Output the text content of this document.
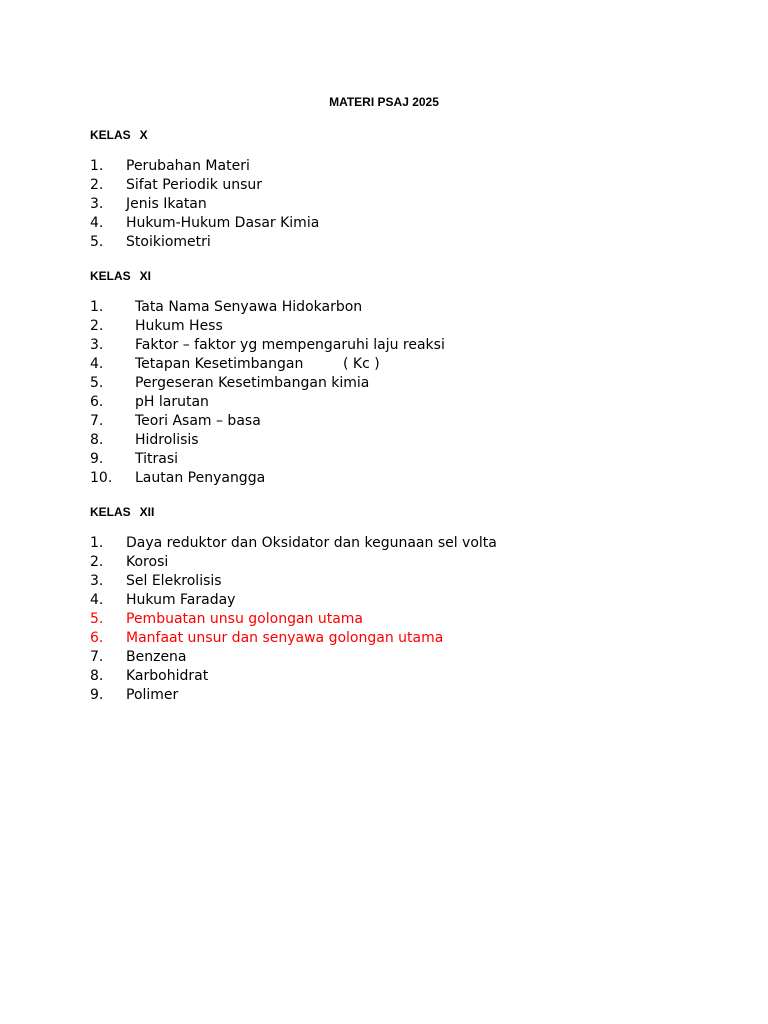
MATERI PSAJ 2025
KELAS X
1. Perubahan Materi
2. Sifat Periodik unsur
3. Jenis Ikatan
4. Hukum-Hukum Dasar Kimia
5. Stoikiometri
KELAS XI
1. Tata Nama Senyawa Hidokarbon
2. Hukum Hess
3. Faktor – faktor yg mempengaruhi laju reaksi
4. Tetapan Kesetimbangan	( Kc )
5. Pergeseran Kesetimbangan kimia
6. pH larutan
7. Teori Asam – basa
8. Hidrolisis
9. Titrasi
10. Lautan Penyangga
KELAS XII
1. Daya reduktor dan Oksidator dan kegunaan sel volta
2. Korosi
3. Sel Elekrolisis
4. Hukum Faraday
5. Pembuatan unsu golongan utama
6. Manfaat unsur dan senyawa golongan utama
7. Benzena
8. Karbohidrat
9. Polimer
